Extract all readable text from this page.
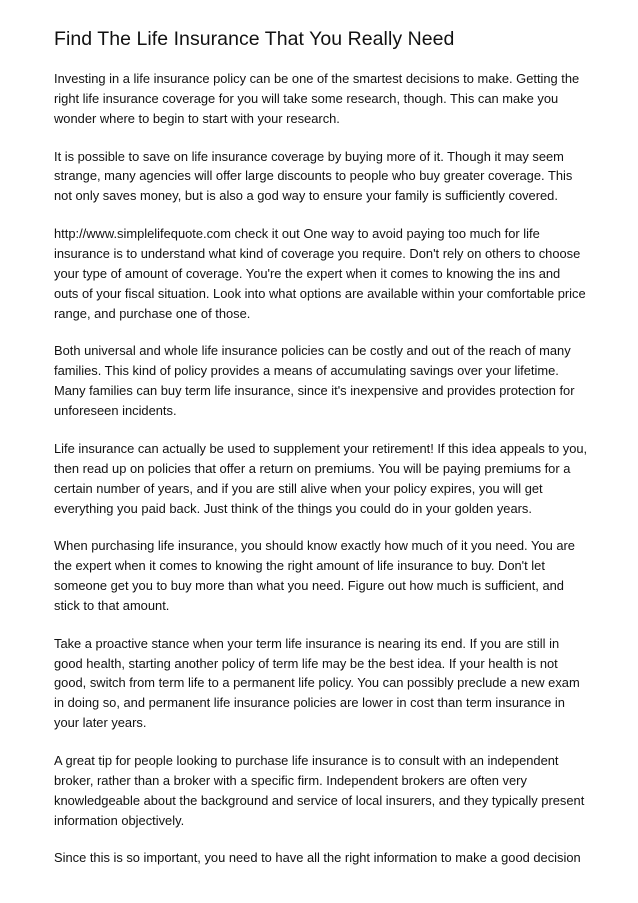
Find The Life Insurance That You Really Need

Investing in a life insurance policy can be one of the smartest decisions to make. Getting the right life insurance coverage for you will take some research, though. This can make you wonder where to begin to start with your research.

It is possible to save on life insurance coverage by buying more of it. Though it may seem strange, many agencies will offer large discounts to people who buy greater coverage. This not only saves money, but is also a god way to ensure your family is sufficiently covered.

http://www.simplelifequote.com check it out One way to avoid paying too much for life insurance is to understand what kind of coverage you require. Don't rely on others to choose your type of amount of coverage. You're the expert when it comes to knowing the ins and outs of your fiscal situation. Look into what options are available within your comfortable price range, and purchase one of those.

Both universal and whole life insurance policies can be costly and out of the reach of many families. This kind of policy provides a means of accumulating savings over your lifetime. Many families can buy term life insurance, since it's inexpensive and provides protection for unforeseen incidents.

Life insurance can actually be used to supplement your retirement! If this idea appeals to you, then read up on policies that offer a return on premiums. You will be paying premiums for a certain number of years, and if you are still alive when your policy expires, you will get everything you paid back. Just think of the things you could do in your golden years.

When purchasing life insurance, you should know exactly how much of it you need. You are the expert when it comes to knowing the right amount of life insurance to buy. Don't let someone get you to buy more than what you need. Figure out how much is sufficient, and stick to that amount.

Take a proactive stance when your term life insurance is nearing its end. If you are still in good health, starting another policy of term life may be the best idea. If your health is not good, switch from term life to a permanent life policy. You can possibly preclude a new exam in doing so, and permanent life insurance policies are lower in cost than term insurance in your later years.

A great tip for people looking to purchase life insurance is to consult with an independent broker, rather than a broker with a specific firm. Independent brokers are often very knowledgeable about the background and service of local insurers, and they typically present information objectively.

Since this is so important, you need to have all the right information to make a good decision
